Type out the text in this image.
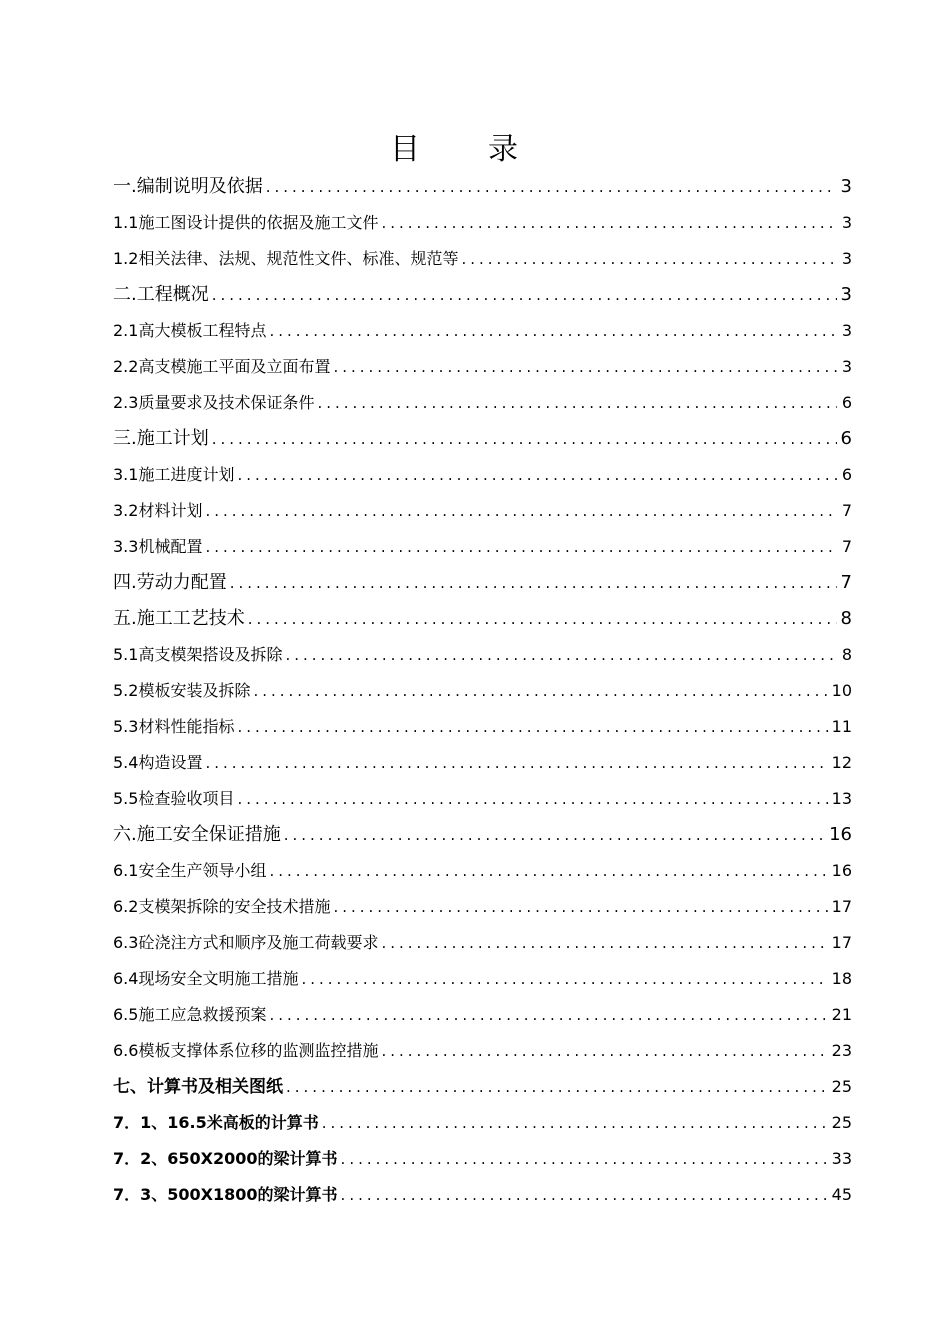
目录
一.编制说明及依据 .....	3
1.1施工图设计提供的依据及施工文件 .....	3
1.2相关法律、法规、规范性文件、标准、规范等 .....	3
二.工程概况 .....	3
2.1高大模板工程特点 .....	3
2.2高支模施工平面及立面布置 .....	3
2.3质量要求及技术保证条件 .....	6
三.施工计划 .....	6
3.1施工进度计划 .....	6
3.2材料计划 .....	7
3.3机械配置 .....	7
四.劳动力配置 .....	7
五.施工工艺技术 .....	8
5.1高支模架搭设及拆除 .....	8
5.2模板安装及拆除 .....	10
5.3材料性能指标 .....	11
5.4构造设置 .....	12
5.5检查验收项目 .....	13
六.施工安全保证措施 .....	16
6.1安全生产领导小组 .....	16
6.2支模架拆除的安全技术措施 .....	17
6.3砼浇注方式和顺序及施工荷载要求 .....	17
6.4现场安全文明施工措施 .....	18
6.5施工应急救援预案 .....	21
6.6模板支撑体系位移的监测监控措施 .....	23
七、计算书及相关图纸 .....	25
7．1、16.5米高板的计算书 .....	25
7．2、650X2000的梁计算书 .....	33
7．3、500X1800的梁计算书 .....	45
